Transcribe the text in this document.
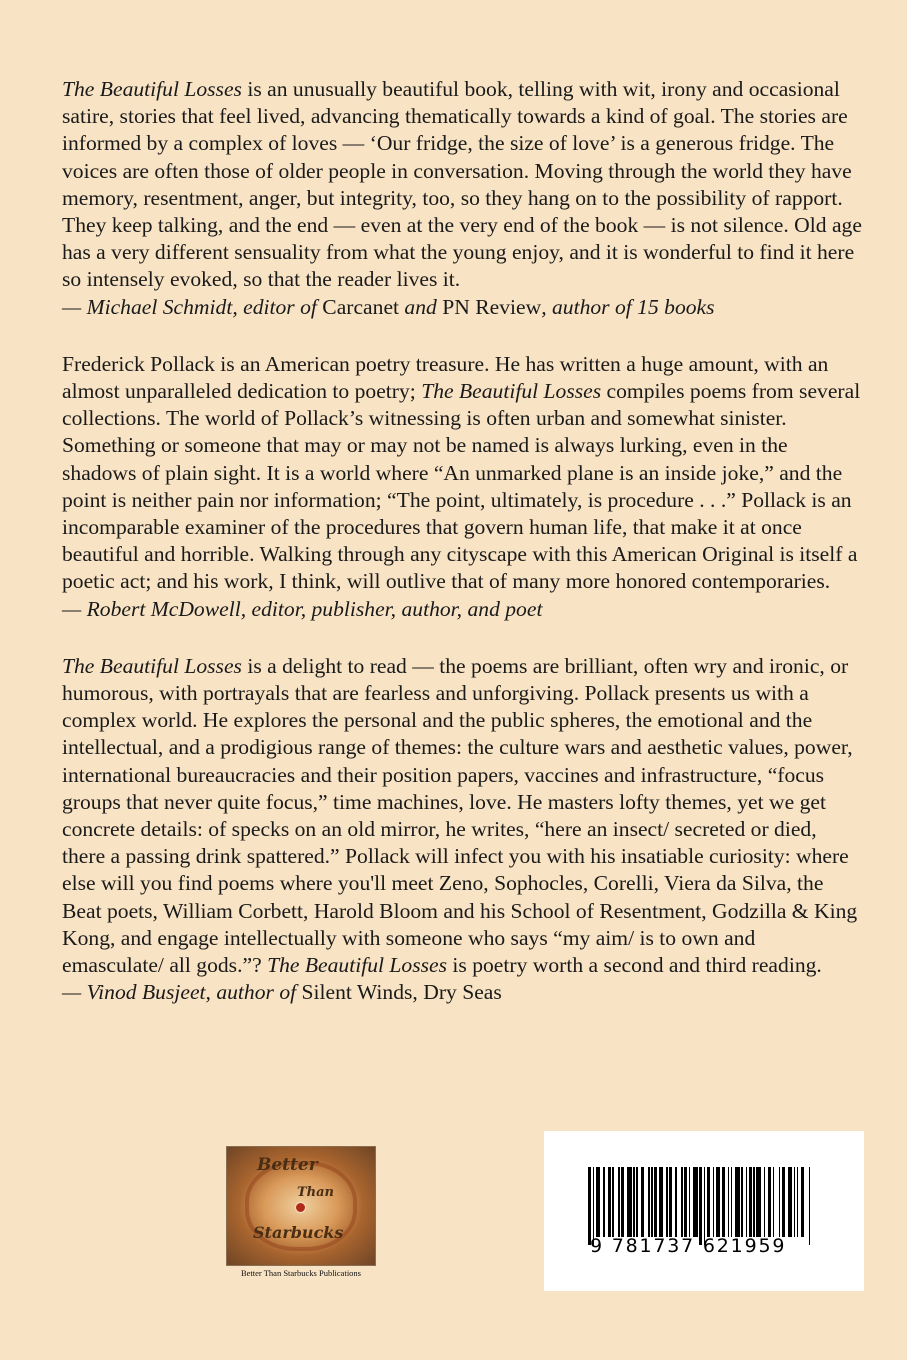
The Beautiful Losses is an unusually beautiful book, telling with wit, irony and occasional satire, stories that feel lived, advancing thematically towards a kind of goal. The stories are informed by a complex of loves — ‘Our fridge, the size of love’ is a generous fridge. The voices are often those of older people in conversation. Moving through the world they have memory, resentment, anger, but integrity, too, so they hang on to the possibility of rapport. They keep talking, and the end — even at the very end of the book — is not silence. Old age has a very different sensuality from what the young enjoy, and it is wonderful to find it here so intensely evoked, so that the reader lives it.

— Michael Schmidt, editor of Carcanet and PN Review, author of 15 books

Frederick Pollack is an American poetry treasure. He has written a huge amount, with an almost unparalleled dedication to poetry; The Beautiful Losses compiles poems from several collections. The world of Pollack’s witnessing is often urban and somewhat sinister. Something or someone that may or may not be named is always lurking, even in the shadows of plain sight. It is a world where “An unmarked plane is an inside joke,” and the point is neither pain nor information; “The point, ultimately, is procedure . . .” Pollack is an incomparable examiner of the procedures that govern human life, that make it at once beautiful and horrible. Walking through any cityscape with this American Original is itself a poetic act; and his work, I think, will outlive that of many more honored contemporaries.

— Robert McDowell, editor, publisher, author, and poet

The Beautiful Losses is a delight to read — the poems are brilliant, often wry and ironic, or humorous, with portrayals that are fearless and unforgiving. Pollack presents us with a complex world. He explores the personal and the public spheres, the emotional and the intellectual, and a prodigious range of themes: the culture wars and aesthetic values, power, international bureaucracies and their position papers, vaccines and infrastructure, “focus groups that never quite focus,” time machines, love. He masters lofty themes, yet we get concrete details: of specks on an old mirror, he writes, “here an insect/ secreted or died, there a passing drink spattered.” Pollack will infect you with his insatiable curiosity: where else will you find poems where you'll meet Zeno, Sophocles, Corelli, Viera da Silva, the Beat poets, William Corbett, Harold Bloom and his School of Resentment, Godzilla & King Kong, and engage intellectually with someone who says “my aim/ is to own and emasculate/ all gods.”? The Beautiful Losses is poetry worth a second and third reading.

— Vinod Busjeet, author of Silent Winds, Dry Seas

Better
Than
Starbucks
Better Than Starbucks Publications
9 781737 621959
